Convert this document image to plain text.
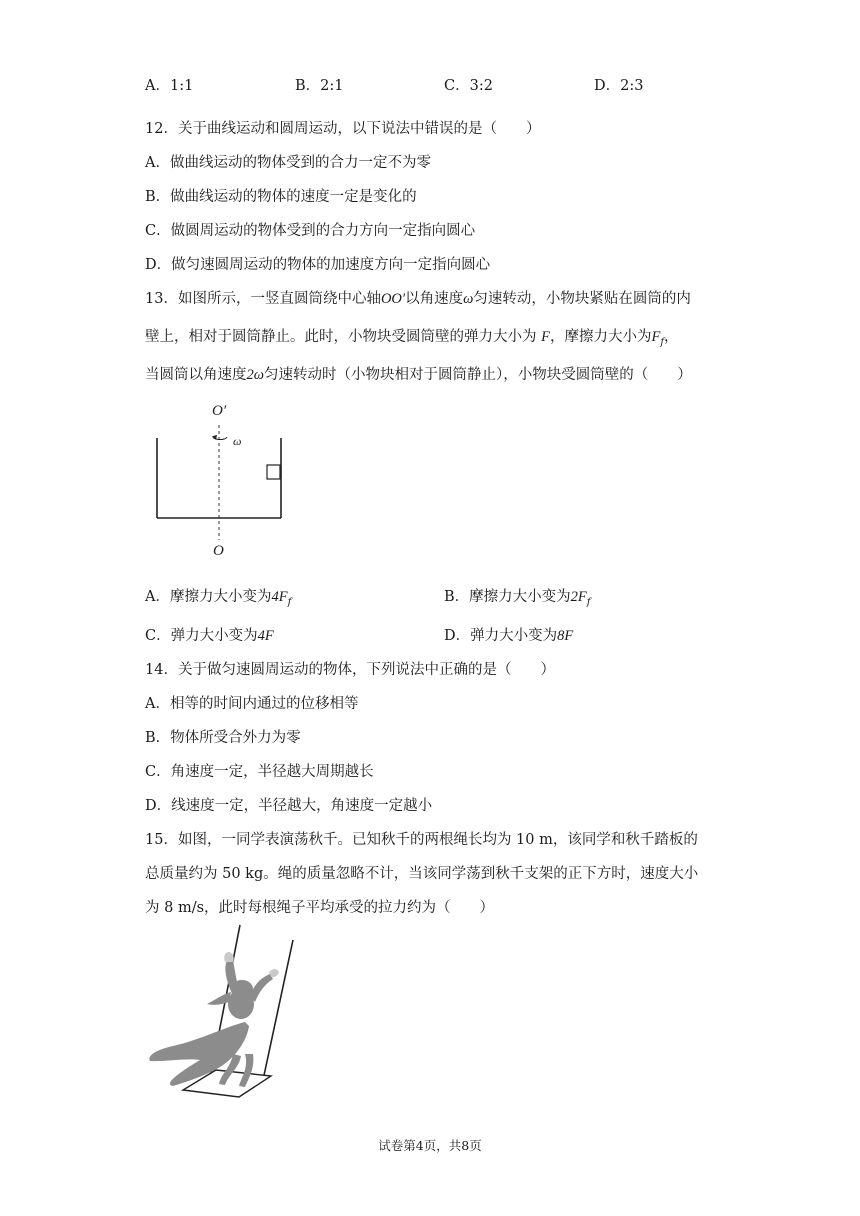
A．1:1	B．2:1	C．3:2	D．2:3
12．关于曲线运动和圆周运动，以下说法中错误的是（　　）
A．做曲线运动的物体受到的合力一定不为零
B．做曲线运动的物体的速度一定是变化的
C．做圆周运动的物体受到的合力方向一定指向圆心
D．做匀速圆周运动的物体的加速度方向一定指向圆心
13．如图所示，一竖直圆筒绕中心轴OO′以角速度ω匀速转动，小物块紧贴在圆筒的内
壁上，相对于圆筒静止。此时，小物块受圆筒壁的弹力大小为 F，摩擦力大小为$F_f$，
当圆筒以角速度2ω匀速转动时（小物块相对于圆筒静止），小物块受圆筒壁的（　　）
O′
ω
O
A．摩擦力大小变为$4F_f$	B．摩擦力大小变为$2F_f$
C．弹力大小变为4F	D．弹力大小变为8F
14．关于做匀速圆周运动的物体，下列说法中正确的是（　　）
A．相等的时间内通过的位移相等
B．物体所受合外力为零
C．角速度一定，半径越大周期越长
D．线速度一定，半径越大，角速度一定越小
15．如图，一同学表演荡秋千。已知秋千的两根绳长均为 10 m，该同学和秋千踏板的
总质量约为 50 kg。绳的质量忽略不计，当该同学荡到秋千支架的正下方时，速度大小
为 8 m/s，此时每根绳子平均承受的拉力约为（　　）
试卷第4页，共8页
